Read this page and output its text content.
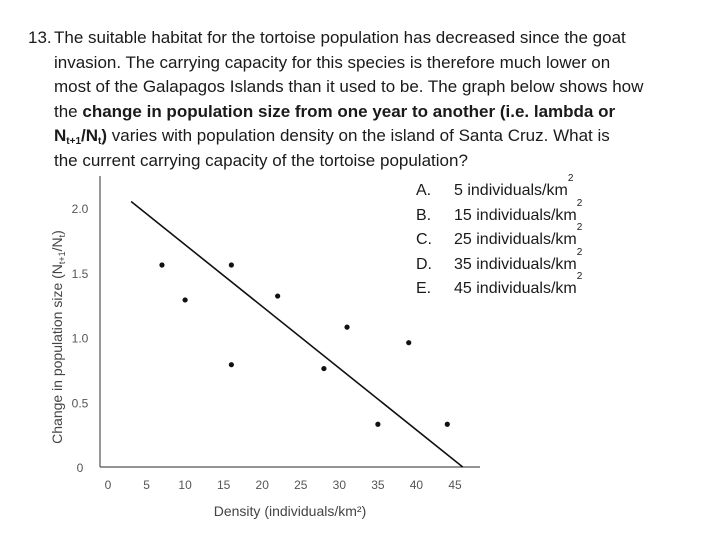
13. The suitable habitat for the tortoise population has decreased since the goat
invasion. The carrying capacity for this species is therefore much lower on
most of the Galapagos Islands than it used to be. The graph below shows how
the change in population size from one year to another (i.e. lambda or
$N_{t+1}/N_t$) varies with population density on the island of Santa Cruz. What is
the current carrying capacity of the tortoise population?
A.	5 individuals/km
2
B.	15 individuals/km
2
C.	25 individuals/km
2
D.	35 individuals/km
2
E.	45 individuals/km
2
0	5 10 15 20 25 30 35 40 45
0
0.5
1.0
1.5
2.0
Density (individuals/km²)
Change in population size $(N_{t+1}/N_t)$
